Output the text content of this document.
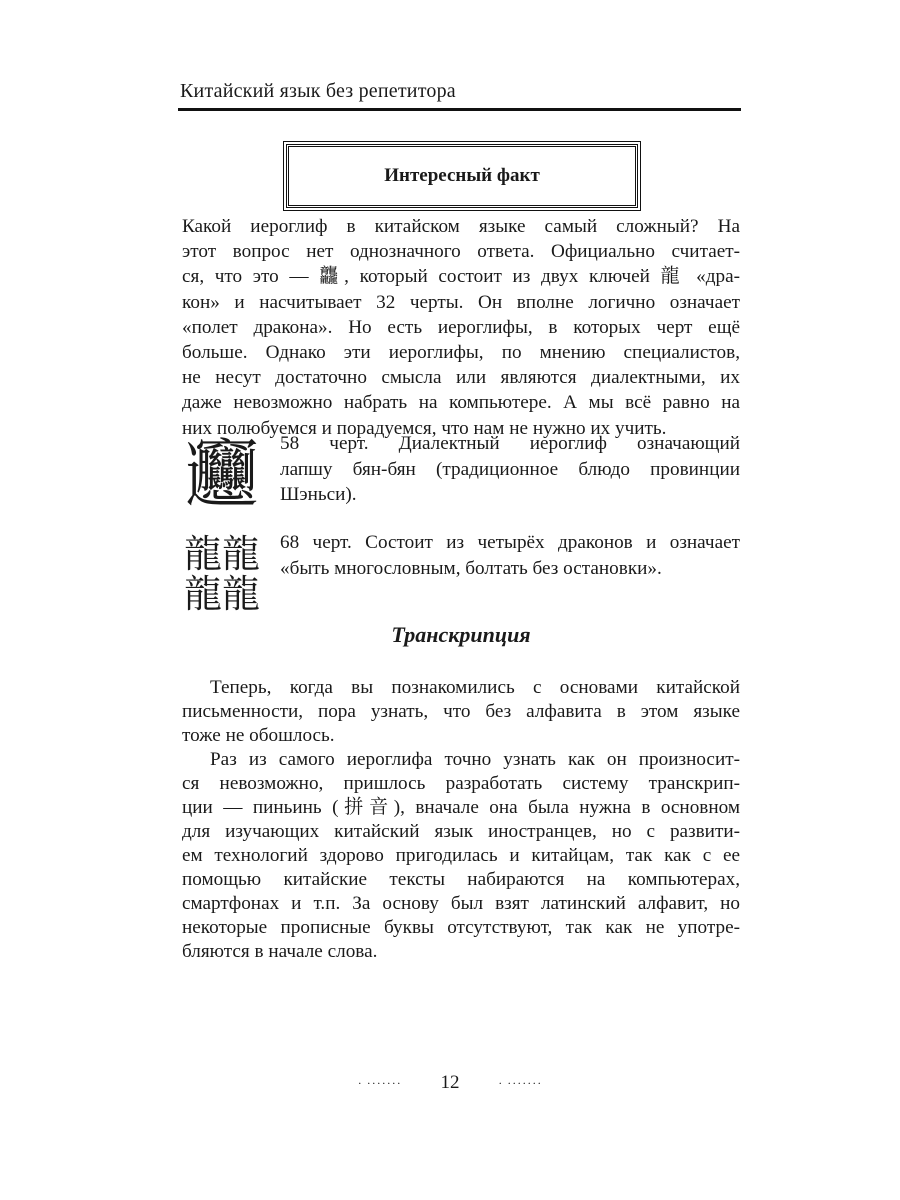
Китайский язык без репетитора
Интересный факт
Какой иероглиф в китайском языке самый сложный? На
этот вопрос нет однозначного ответа. Официально считает-
ся, что это — 龘, который состоит из двух ключей 龍 «дра-
кон» и насчитывает 32 черты. Он вполне логично означает
«полет дракона». Но есть иероглифы, в которых черт ещё
больше. Однако эти иероглифы, по мнению специалистов,
не несут достаточно смысла или являются диалектными, их
даже невозможно набрать на компьютере. А мы всё равно на
них полюбуемся и порадуемся, что нам не нужно их учить.
𰻞	58 черт. Диалектный иероглиф означающий
лапшу бян-бян (традиционное блюдо провинции
Шэньси).
龍龍龍龍
68 черт. Состоит из четырёх драконов и означает
«быть многословным, болтать без остановки».
Транскрипция
Теперь, когда вы познакомились с основами китайской
письменности, пора узнать, что без алфавита в этом языке
тоже не обошлось.
Раз из самого иероглифа точно узнать как он произносит-
ся невозможно, пришлось разработать систему транскрип-
ции — пиньинь (拼音), вначале она была нужна в основном
для изучающих китайский язык иностранцев, но с развити-
ем технологий здорово пригодилась и китайцам, так как с ее
помощью китайские тексты набираются на компьютерах,
смартфонах и т.п. За основу был взят латинский алфавит, но
некоторые прописные буквы отсутствуют, так как не употре-
бляются в начале слова.
· ······· 12	· ·······
